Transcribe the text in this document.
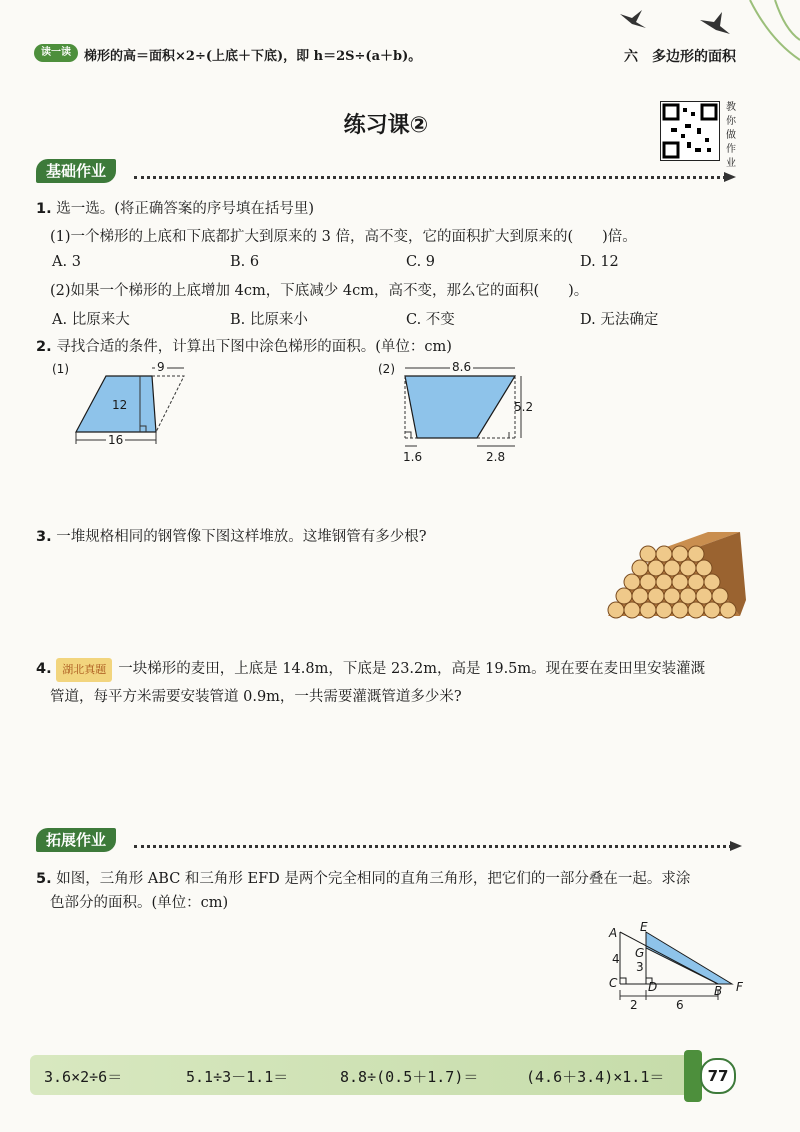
读一读	梯形的高＝面积×2÷(上底＋下底)，即 h＝2S÷(a＋b)。	六　多边形的面积
练习课②
教你做作业
基础作业
1. 选一选。(将正确答案的序号填在括号里)
(1)一个梯形的上底和下底都扩大到原来的 3 倍，高不变，它的面积扩大到原来的(　　)倍。
A. 3	B. 6	C. 9	D. 12
(2)如果一个梯形的上底增加 4cm，下底减少 4cm，高不变，那么它的面积(　　)。
A. 比原来大	B. 比原来小	C. 不变	D. 无法确定
2. 寻找合适的条件，计算出下图中涂色梯形的面积。(单位：cm)
(1)	9
12
16
(2)	8.6
5.2
1.6	2.8
3. 一堆规格相同的钢管像下图这样堆放。这堆钢管有多少根?
4. 湖北真题 一块梯形的麦田，上底是 14.8m，下底是 23.2m，高是 19.5m。现在要在麦田里安装灌溉
管道，每平方米需要安装管道 0.9m，一共需要灌溉管道多少米?
拓展作业
5. 如图，三角形 ABC 和三角形 EFD 是两个完全相同的直角三角形，把它们的一部分叠在一起。求涂
色部分的面积。(单位：cm)
A E
G
4
3
C	D	B F
2	6
3.6×2÷6＝	5.1÷3－1.1＝	8.8÷(0.5＋1.7)＝	(4.6＋3.4)×1.1＝	77
